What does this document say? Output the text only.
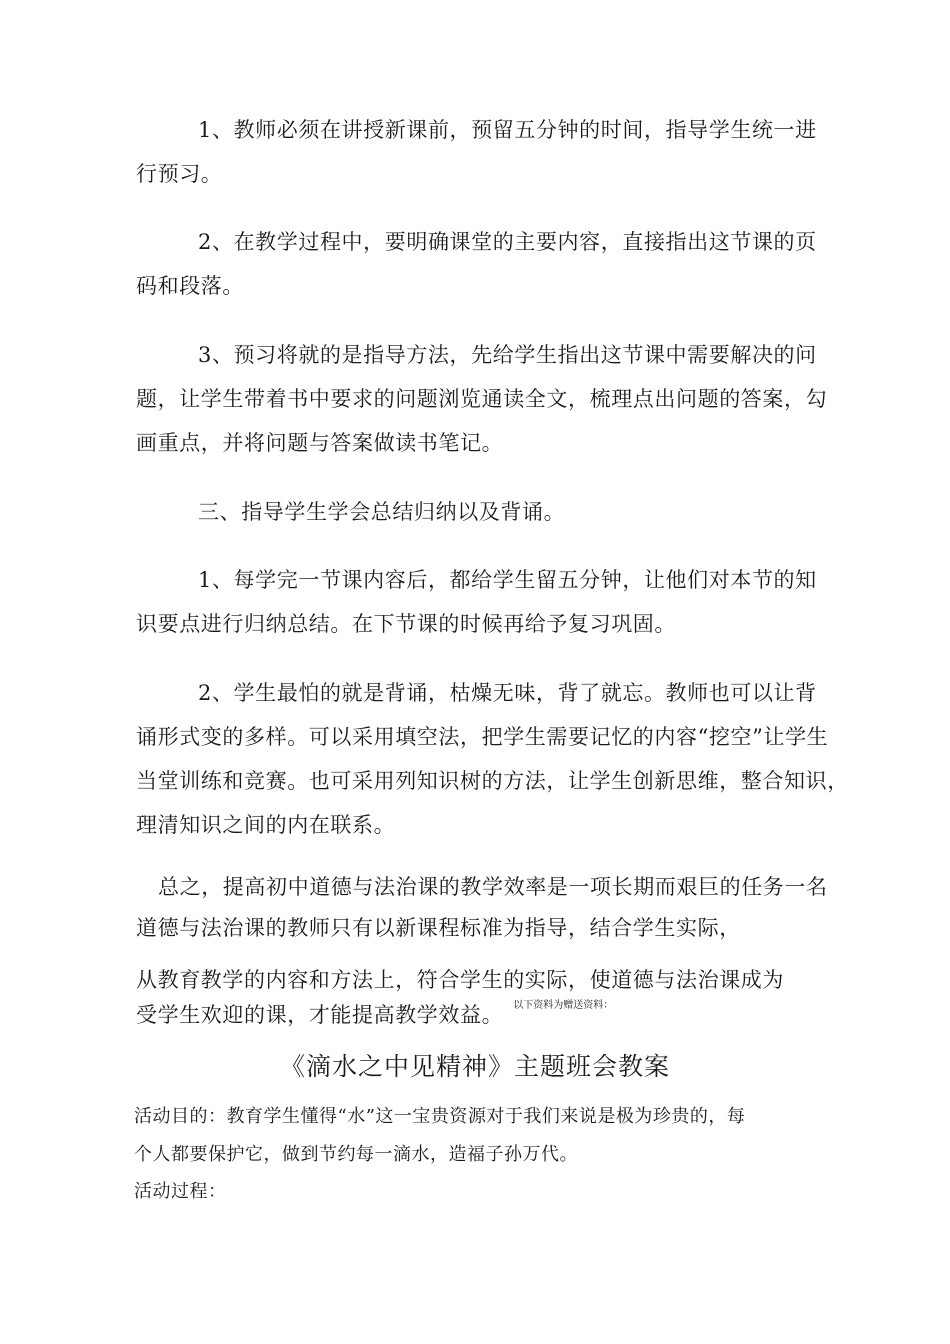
1、教师必须在讲授新课前，预留五分钟的时间，指导学生统一进
行预习。
2、在教学过程中，要明确课堂的主要内容，直接指出这节课的页
码和段落。
3、预习将就的是指导方法，先给学生指出这节课中需要解决的问
题，让学生带着书中要求的问题浏览通读全文，梳理点出问题的答案，勾
画重点，并将问题与答案做读书笔记。
三、指导学生学会总结归纳以及背诵。
1、每学完一节课内容后，都给学生留五分钟，让他们对本节的知
识要点进行归纳总结。在下节课的时候再给予复习巩固。
2、学生最怕的就是背诵，枯燥无味，背了就忘。教师也可以让背
诵形式变的多样。可以采用填空法，把学生需要记忆的内容“挖空”让学生
当堂训练和竞赛。也可采用列知识树的方法，让学生创新思维，整合知识，
理清知识之间的内在联系。
总之，提高初中道德与法治课的教学效率是一项长期而艰巨的任务一名
道德与法治课的教师只有以新课程标准为指导，结合学生实际，
从教育教学的内容和方法上，符合学生的实际，使道德与法治课成为
受学生欢迎的课，才能提高教学效益。 $^{以下资料为赠送资料:}$
《滴水之中见精神》主题班会教案
活动目的：教育学生懂得“水”这一宝贵资源对于我们来说是极为珍贵的，每
个人都要保护它，做到节约每一滴水，造福子孙万代。
活动过程：
